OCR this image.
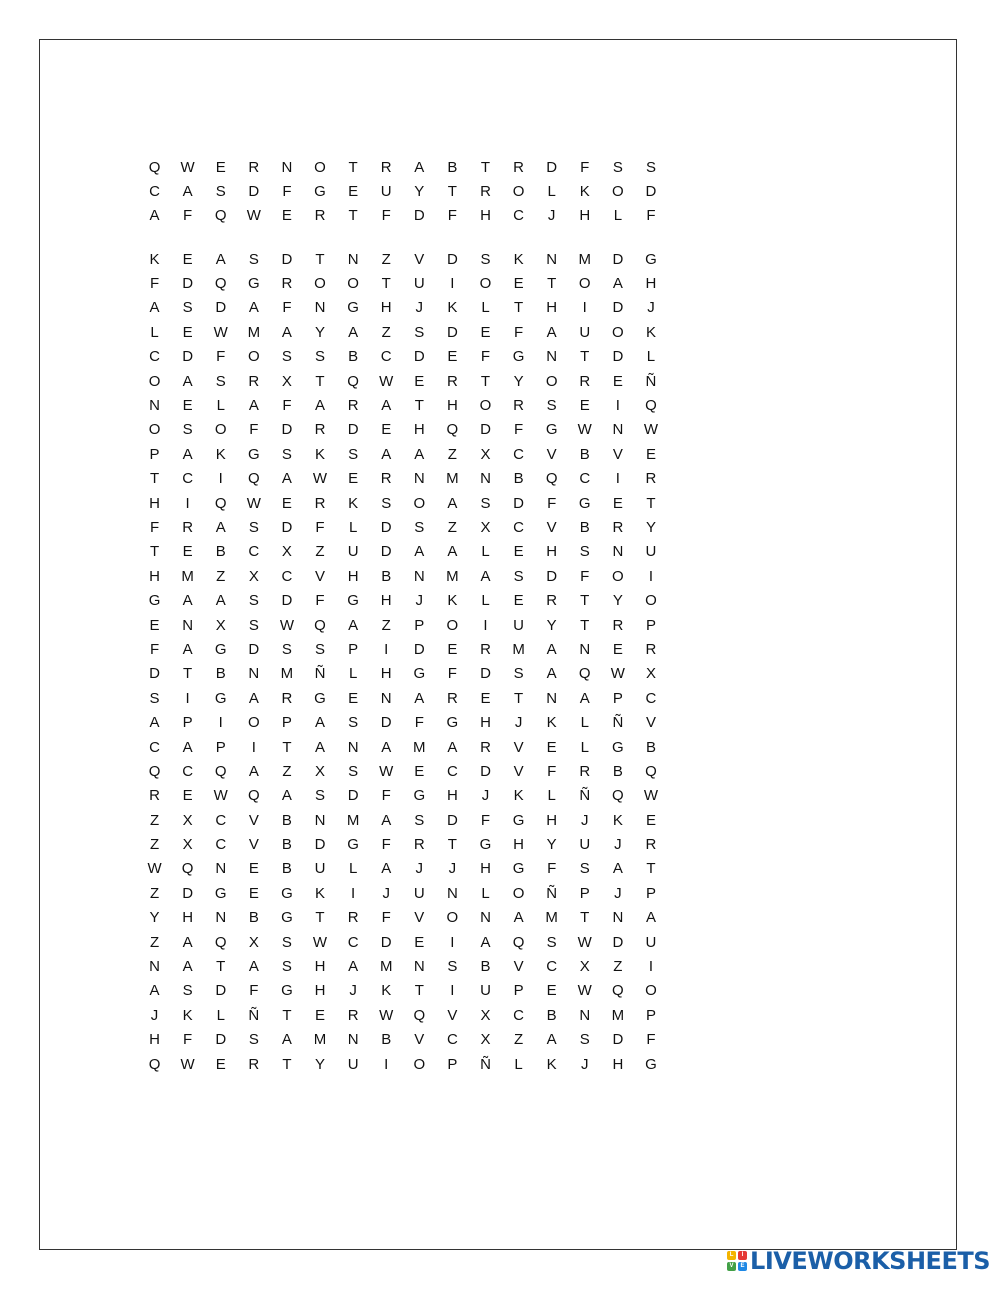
Q	W	E	R	N	O	T	R	A	B	T	R	D	F	S	S
C	A	S	D	F	G	E	U	Y	T	R	O	L	K	O	D
A	F	Q	W	E	R	T	F	D	F	H	C	J	H	L	F
K	E	A	S	D	T	N	Z	V	D	S	K	N	M	D	G
F	D	Q	G	R	O	O	T	U	I	O	E	T	O	A	H
A	S	D	A	F	N	G	H	J	K	L	T	H	I	D	J
L	E	W	M	A	Y	A	Z	S	D	E	F	A	U	O	K
C	D	F	O	S	S	B	C	D	E	F	G	N	T	D	L
O	A	S	R	X	T	Q	W	E	R	T	Y	O	R	E	Ñ
N	E	L	A	F	A	R	A	T	H	O	R	S	E	I	Q
O	S	O	F	D	R	D	E	H	Q	D	F	G	W	N	W
P	A	K	G	S	K	S	A	A	Z	X	C	V	B	V	E
T	C	I	Q	A	W	E	R	N	M	N	B	Q	C	I	R
H	I	Q	W	E	R	K	S	O	A	S	D	F	G	E	T
F	R	A	S	D	F	L	D	S	Z	X	C	V	B	R	Y
T	E	B	C	X	Z	U	D	A	A	L	E	H	S	N	U
H	M	Z	X	C	V	H	B	N	M	A	S	D	F	O	I
G	A	A	S	D	F	G	H	J	K	L	E	R	T	Y	O
E	N	X	S	W	Q	A	Z	P	O	I	U	Y	T	R	P
F	A	G	D	S	S	P	I	D	E	R	M	A	N	E	R
D	T	B	N	M	Ñ	L	H	G	F	D	S	A	Q	W	X
S	I	G	A	R	G	E	N	A	R	E	T	N	A	P	C
A	P	I	O	P	A	S	D	F	G	H	J	K	L	Ñ	V
C	A	P	I	T	A	N	A	M	A	R	V	E	L	G	B
Q	C	Q	A	Z	X	S	W	E	C	D	V	F	R	B	Q
R	E	W	Q	A	S	D	F	G	H	J	K	L	Ñ	Q	W
Z	X	C	V	B	N	M	A	S	D	F	G	H	J	K	E
Z	X	C	V	B	D	G	F	R	T	G	H	Y	U	J	R
W	Q	N	E	B	U	L	A	J	J	H	G	F	S	A	T
Z	D	G	E	G	K	I	J	U	N	L	O	Ñ	P	J	P
Y	H	N	B	G	T	R	F	V	O	N	A	M	T	N	A
Z	A	Q	X	S	W	C	D	E	I	A	Q	S	W	D	U
N	A	T	A	S	H	A	M	N	S	B	V	C	X	Z	I
A	S	D	F	G	H	J	K	T	I	U	P	E	W	Q	O
J	K	L	Ñ	T	E	R	W	Q	V	X	C	B	N	M	P
H	F	D	S	A	M	N	B	V	C	X	Z	A	S	D	F
Q	W	E	R	T	Y	U	I	O	P	Ñ	L	K	J	H	G
L	I
V	E LIVEWORKSHEETS
